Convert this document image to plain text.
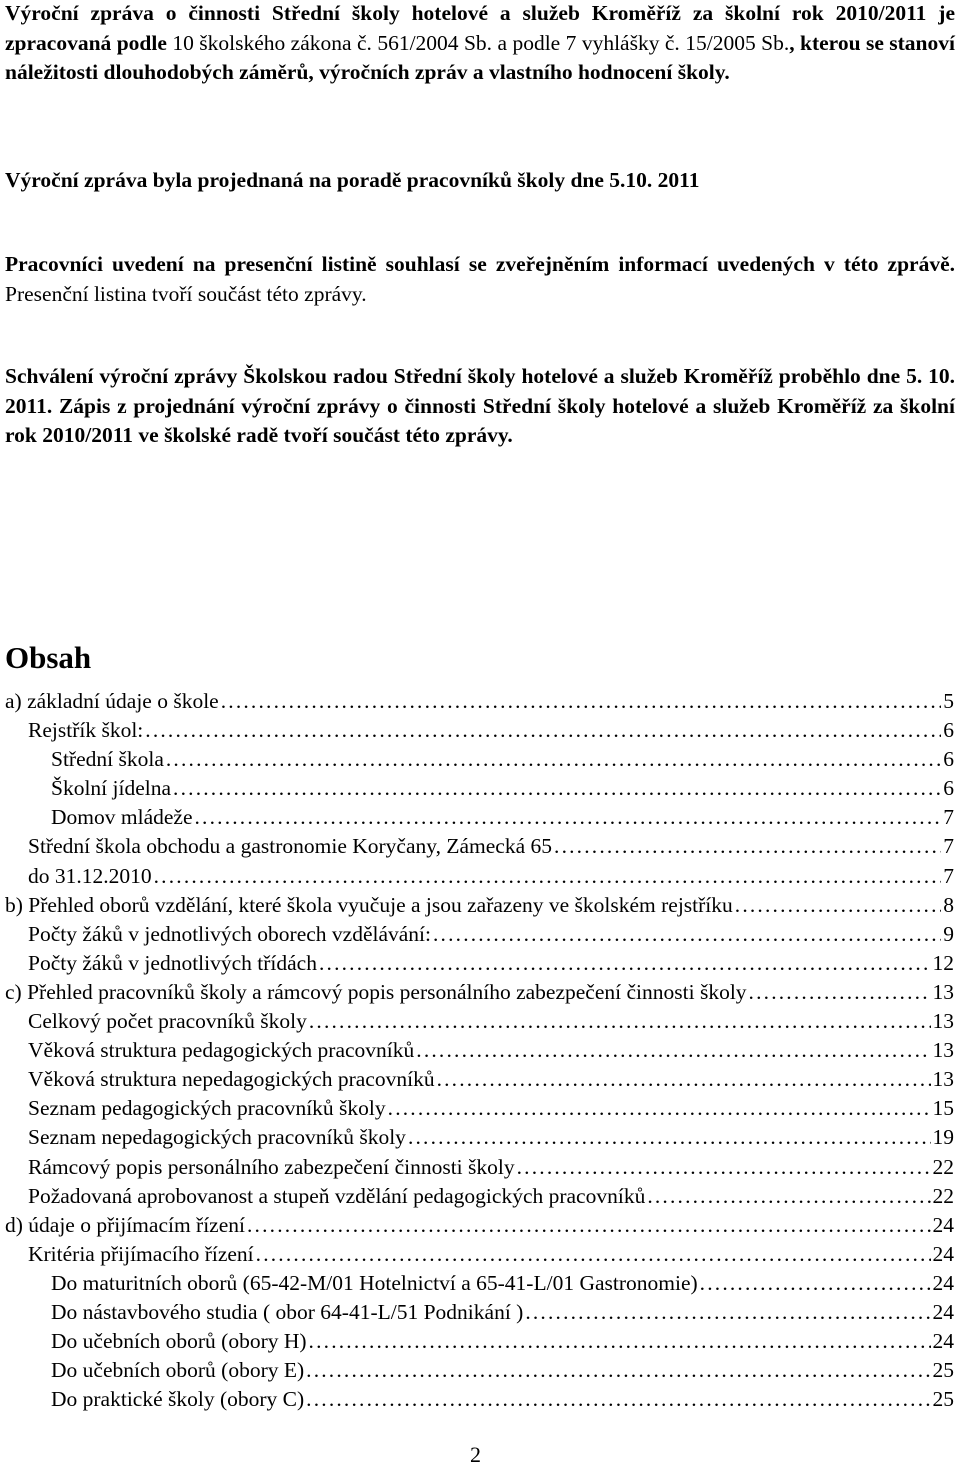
Výroční zpráva o činnosti Střední školy hotelové a služeb Kroměříž za školní rok 2010/2011 je zpracovaná podle 10 školského zákona č. 561/2004 Sb. a podle 7 vyhlášky č. 15/2005 Sb., kterou se stanoví náležitosti dlouhodobých záměrů, výročních zpráv a vlastního hodnocení školy.

Výroční zpráva byla projednaná na poradě pracovníků školy dne 5.10. 2011

Pracovníci uvedení na presenční listině souhlasí se zveřejněním informací uvedených v této zprávě. Presenční listina tvoří součást této zprávy.

Schválení výroční zprávy Školskou radou Střední školy hotelové a služeb Kroměříž proběhlo dne 5. 10. 2011. Zápis z projednání výroční zprávy o činnosti Střední školy hotelové a služeb Kroměříž za školní rok 2010/2011 ve školské radě tvoří součást této zprávy.

Obsah
a) základní údaje o škole . . .	5
Rejstřík škol: . . .	6
Střední škola . . .	6
Školní jídelna . . .	6
Domov mládeže . . .	7
Střední škola obchodu a gastronomie Koryčany, Zámecká 65 . . .	7
do 31.12.2010 . . .	7
b) Přehled oborů vzdělání, které škola vyučuje a jsou zařazeny ve školském rejstříku . . .	8
Počty žáků v jednotlivých oborech vzdělávání: . . .	9
Počty žáků v jednotlivých třídách . . .	12
c) Přehled pracovníků školy a rámcový popis personálního zabezpečení činnosti školy . . .	13
Celkový počet pracovníků školy . . .	13
Věková struktura pedagogických pracovníků . . .	13
Věková struktura nepedagogických pracovníků . . .	13
Seznam pedagogických pracovníků školy . . .	15
Seznam nepedagogických pracovníků školy . . .	19
Rámcový popis personálního zabezpečení činnosti školy . . .	22
Požadovaná aprobovanost a stupeň vzdělání pedagogických pracovníků . . .	22
d) údaje o přijímacím řízení . . .	24
Kritéria přijímacího řízení . . .	24
Do maturitních oborů (65-42-M/01 Hotelnictví a 65-41-L/01 Gastronomie) . . .	24
Do nástavbového studia ( obor 64-41-L/51 Podnikání ) . . .	24
Do učebních oborů (obory H) . . .	24
Do učebních oborů (obory E) . . .	25
Do praktické školy (obory C) . . .	25

2
